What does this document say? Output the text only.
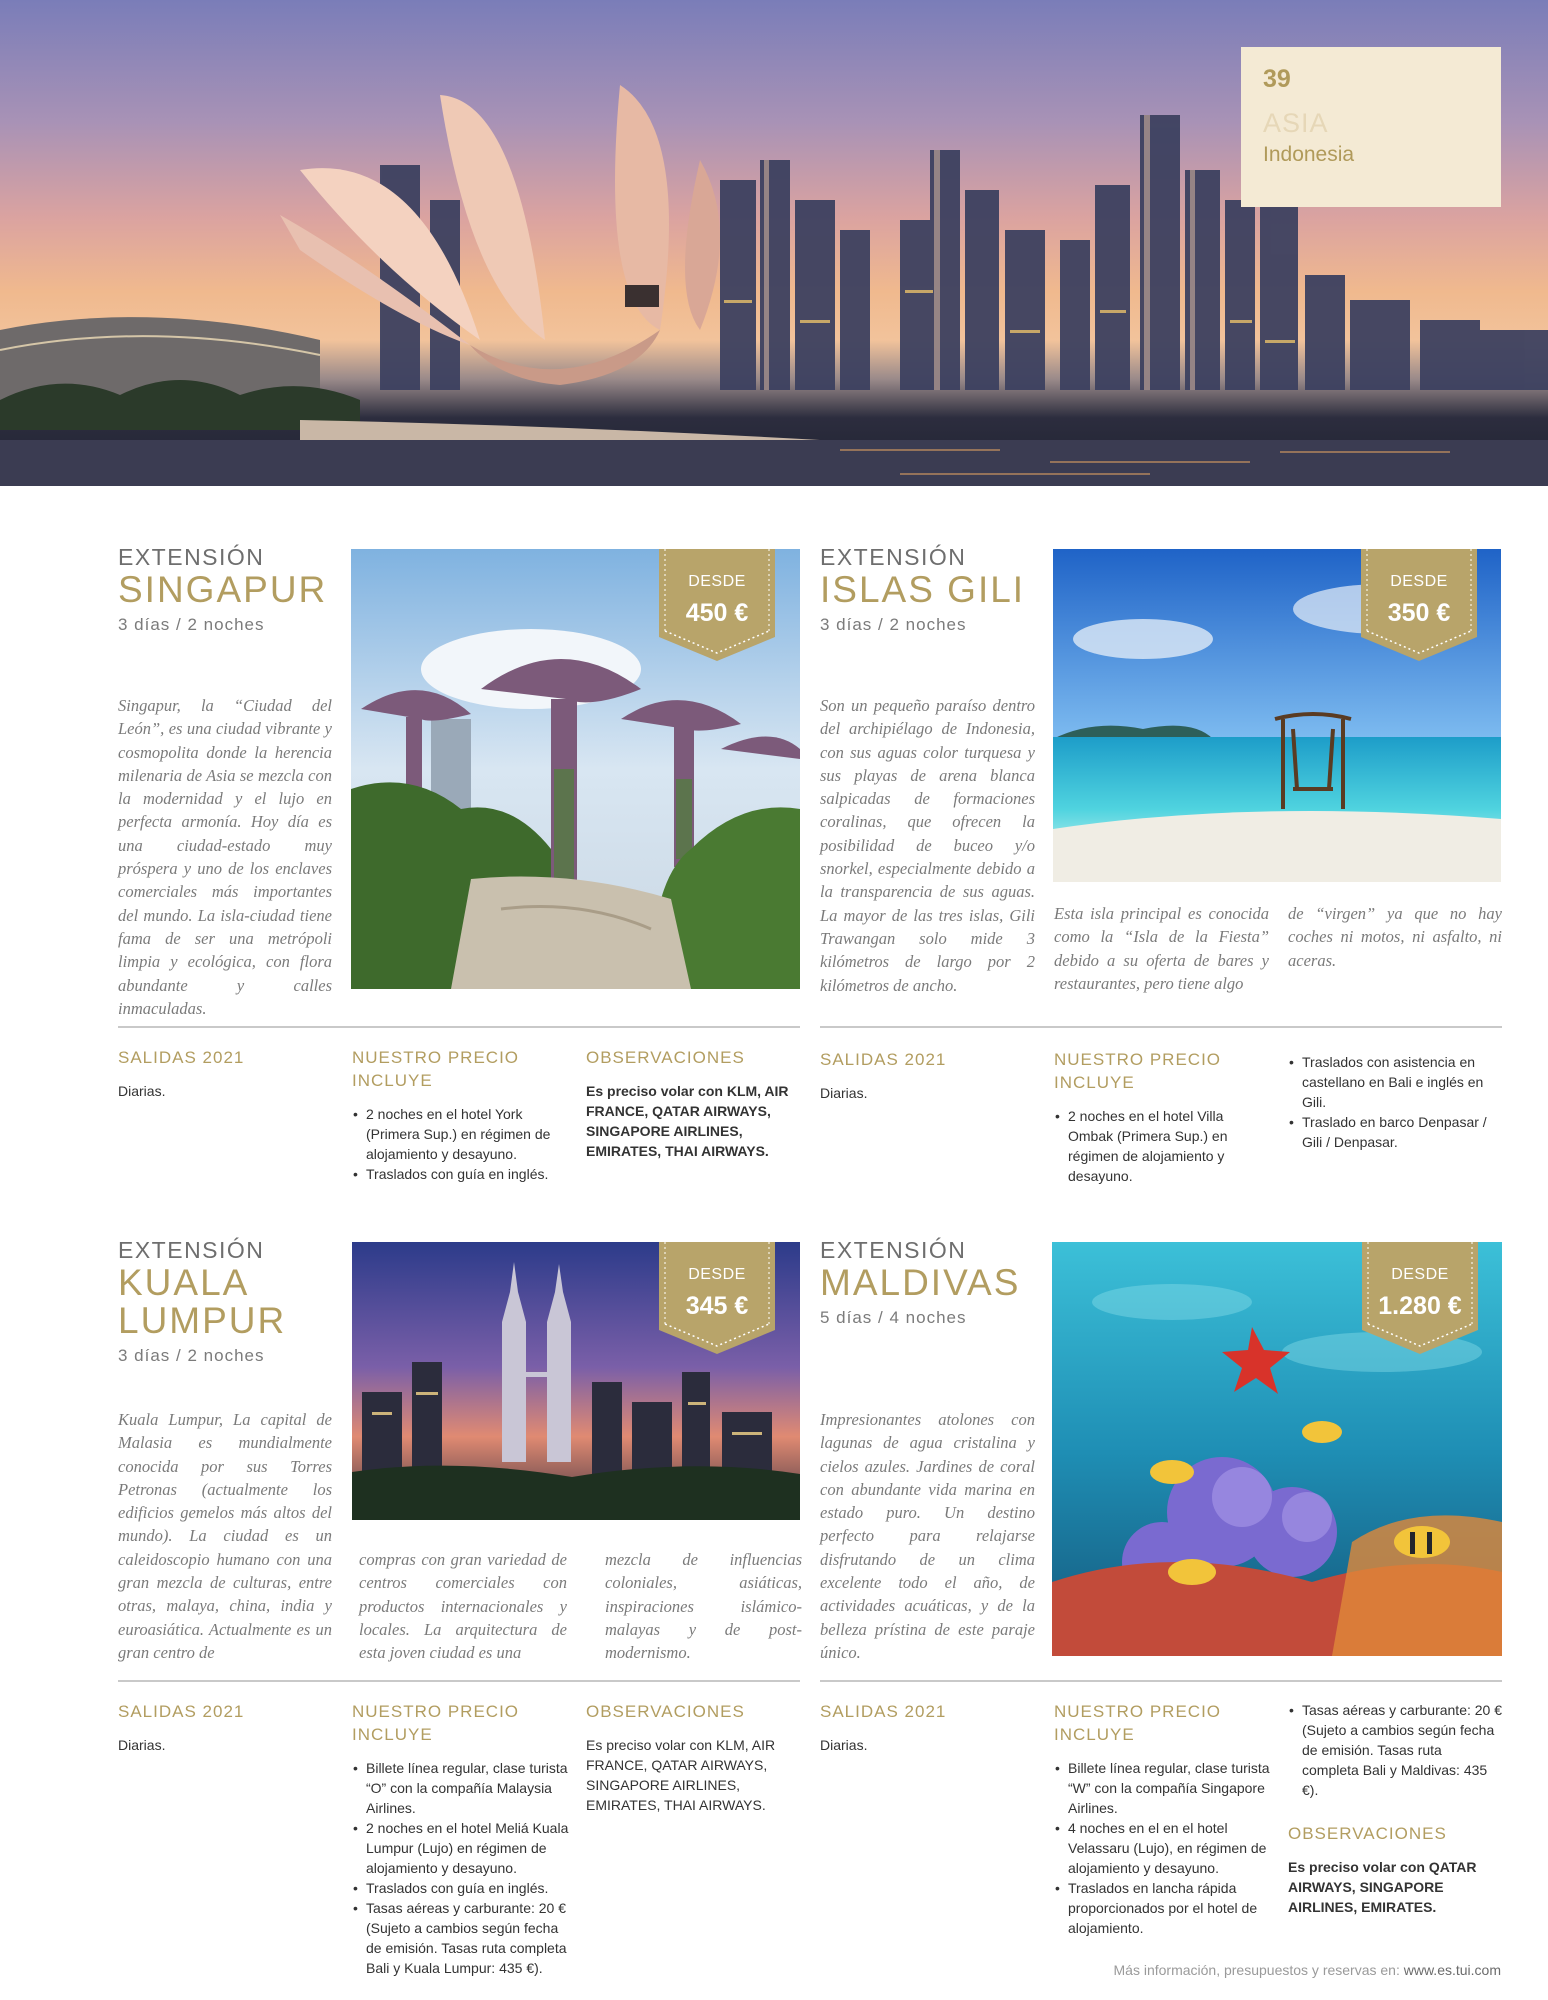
39
ASIA
Indonesia
EXTENSIÓN
SINGAPUR
3 días / 2 noches
Singapur, la “Ciudad del León”, es una ciudad vibrante y cosmopolita donde la herencia milenaria de Asia se mezcla con la modernidad y el lujo en perfecta armonía. Hoy día es una ciudad-estado muy próspera y uno de los enclaves comerciales más importantes del mundo. La isla-ciudad tiene fama de ser una metrópoli limpia y ecológica, con flora abundante y calles inmaculadas.
DESDE
450 €
SALIDAS 2021
Diarias.
NUESTRO PRECIO INCLUYE
• 2 noches en el hotel York (Primera Sup.) en régimen de alojamiento y desayuno.
• Traslados con guía en inglés.
OBSERVACIONES
Es preciso volar con KLM, AIR FRANCE, QATAR AIRWAYS, SINGAPORE AIRLINES, EMIRATES, THAI AIRWAYS.
EXTENSIÓN
ISLAS GILI
3 días / 2 noches
Son un pequeño paraíso dentro del archipiélago de Indonesia, con sus aguas color turquesa y sus playas de arena blanca salpicadas de formaciones coralinas, que ofrecen la posibilidad de buceo y/o snorkel, especialmente debido a la transparencia de sus aguas. La mayor de las tres islas, Gili Trawangan solo mide 3 kilómetros de largo por 2 kilómetros de ancho.
Esta isla principal es conocida como la “Isla de la Fiesta” debido a su oferta de bares y restaurantes, pero tiene algo
de “virgen” ya que no hay coches ni motos, ni asfalto, ni aceras.
DESDE
350 €
SALIDAS 2021
Diarias.
NUESTRO PRECIO INCLUYE
• 2 noches en el hotel Villa Ombak (Primera Sup.) en régimen de alojamiento y desayuno.
• Traslados con asistencia en castellano en Bali e inglés en Gili.
• Traslado en barco Denpasar / Gili / Denpasar.
EXTENSIÓN
KUALA
LUMPUR
3 días / 2 noches
Kuala Lumpur, La capital de Malasia es mundialmente conocida por sus Torres Petronas (actualmente los edificios gemelos más altos del mundo). La ciudad es un caleidoscopio humano con una gran mezcla de culturas, entre otras, malaya, china, india y euroasiática. Actualmente es un gran centro de
compras con gran variedad de centros comerciales con productos internacionales y locales. La arquitectura de esta joven ciudad es una
mezcla de influencias coloniales, asiáticas, inspiraciones islámico-malayas y de post-modernismo.
DESDE
345 €
SALIDAS 2021
Diarias.
NUESTRO PRECIO INCLUYE
• Billete línea regular, clase turista “O” con la compañía Malaysia Airlines.
• 2 noches en el hotel Meliá Kuala Lumpur (Lujo) en régimen de alojamiento y desayuno.
• Traslados con guía en inglés.
• Tasas aéreas y carburante: 20 € (Sujeto a cambios según fecha de emisión. Tasas ruta completa Bali y Kuala Lumpur: 435 €).
OBSERVACIONES
Es preciso volar con KLM, AIR FRANCE, QATAR AIRWAYS, SINGAPORE AIRLINES, EMIRATES, THAI AIRWAYS.
EXTENSIÓN
MALDIVAS
5 días / 4 noches
Impresionantes atolones con lagunas de agua cristalina y cielos azules. Jardines de coral con abundante vida marina en estado puro. Un destino perfecto para relajarse disfrutando de un clima excelente todo el año, de actividades acuáticas, y de la belleza prístina de este paraje único.
DESDE
1.280 €
SALIDAS 2021
Diarias.
NUESTRO PRECIO INCLUYE
• Billete línea regular, clase turista “W” con la compañía Singapore Airlines.
• 4 noches en el en el hotel Velassaru (Lujo), en régimen de alojamiento y desayuno.
• Traslados en lancha rápida proporcionados por el hotel de alojamiento.
• Tasas aéreas y carburante: 20 € (Sujeto a cambios según fecha de emisión. Tasas ruta completa Bali y Maldivas: 435 €).
OBSERVACIONES
Es preciso volar con QATAR AIRWAYS, SINGAPORE AIRLINES, EMIRATES.
Más información, presupuestos y reservas en: www.es.tui.com
